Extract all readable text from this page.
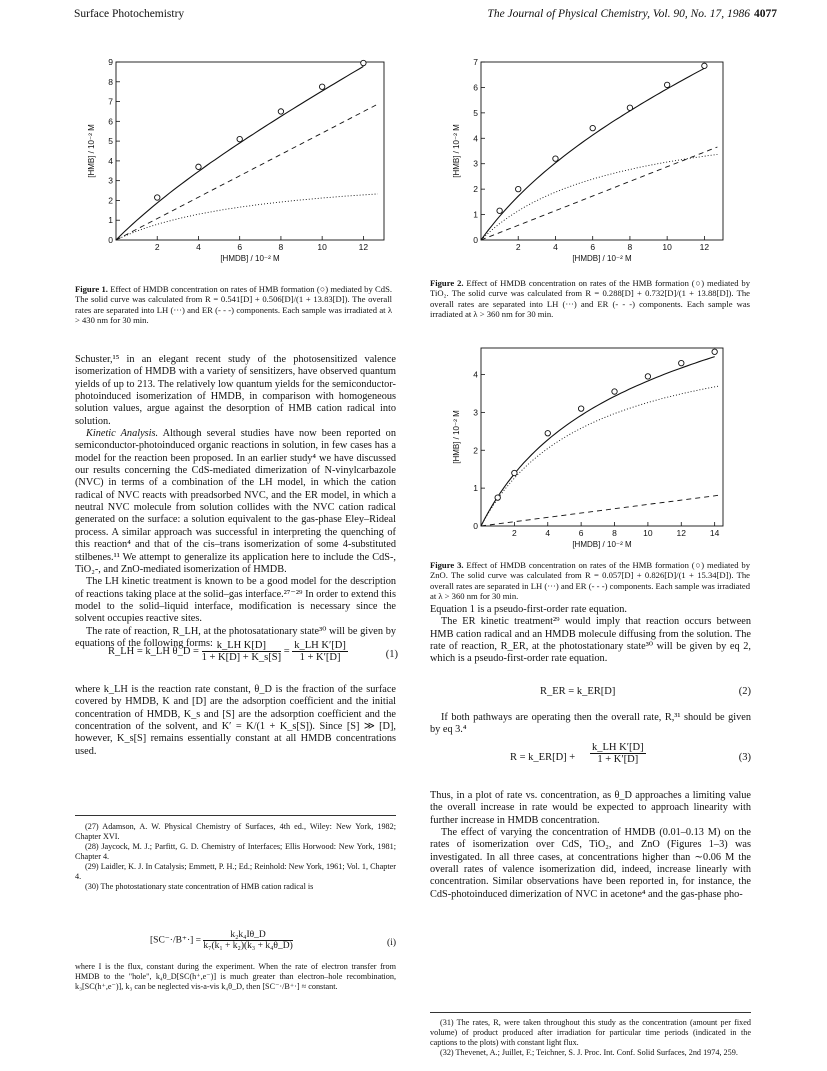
Surface Photochemistry	The Journal of Physical Chemistry, Vol. 90, No. 17, 1986 4077
2	4	6	8	10	12
1
2
3
4
5
6
7
8
9
0
[HMDB] / 10⁻² M
[HMB] / 10⁻² M
Figure 1. Effect of HMDB concentration on rates of HMB formation (○) mediated by CdS. The solid curve was calculated from R = 0.541[D] + 0.506[D]/(1 + 13.83[D]). The overall rates are separated into LH (···) and ER (- - -) components. Each sample was irradiated at λ > 430 nm for 30 min.
2	4	6	8	10	12
1
2
3
4
5
6
7
0
[HMDB] / 10⁻² M
[HMB] / 10⁻² M
Figure 2. Effect of HMDB concentration on rates of the HMB formation (○) mediated by TiO₂. The solid curve was calculated from R = 0.288[D] + 0.732[D]/(1 + 13.88[D]). The overall rates are separated into LH (···) and ER (- - -) components. Each sample was irradiated at λ > 360 nm for 30 min.
2	4	6	8	10	12	14
1
2
3
4
0
[HMDB] / 10⁻² M
[HMB] / 10⁻² M
Figure 3. Effect of HMDB concentration on rates of the HMB formation (○) mediated by ZnO. The solid curve was calculated from R = 0.057[D] + 0.826[D]/(1 + 15.34[D]). The overall rates are separated in LH (···) and ER (- - -) components. Each sample was irradiated at λ > 360 nm for 30 min.

Schuster,¹⁵ in an elegant recent study of the photosensitized valence isomerization of HMDB with a variety of sensitizers, have observed quantum yields of up to 213. The relatively low quantum yields for the semiconductor-photoinduced isomerization of HMDB, in comparison with homogeneous solution values, argue against the desorption of HMB cation radical into solution.

Kinetic Analysis. Although several studies have now been reported on semiconductor-photoinduced organic reactions in solution, in few cases has a model for the reaction been proposed. In an earlier study⁴ we have discussed our results concerning the CdS-mediated dimerization of N-vinylcarbazole (NVC) in terms of a combination of the LH model, in which the cation radical of NVC reacts with preadsorbed NVC, and the ER model, in which a neutral NVC molecule from solution collides with the NVC cation radical generated on the surface: a solution equivalent to the gas-phase Eley–Rideal process. A similar approach was successful in interpreting the quenching of this reaction⁴ and that of the cis–trans isomerization of some 4-substituted stilbenes.¹¹ We attempt to generalize its application here to include the CdS-, TiO₂-, and ZnO-mediated isomerization of HMDB.

The LH kinetic treatment is known to be a good model for the description of reactions taking place at the solid–gas interface.²⁷⁻²⁹ In order to extend this model to the solid–liquid interface, modification is necessary since the solvent occupies reactive sites.

The rate of reaction, R_LH, at the photosatationary state³⁰ will be given by equations of the following forms:

R_LH = k_LH θ_D = $\frac{\text{k\_LH K[D]}}{1 + K[D] + K\_s[S]} = \frac{\text{k\_LH K′[D]}}{1 + K'[D]}$	(1)

where k_LH is the reaction rate constant, θ_D is the fraction of the surface covered by HMDB, K and [D] are the adsorption coefficient and the initial concentration of HMDB, K_s and [S] are the adsorption coefficient and the concentration of the solvent, and K′ = K/(1 + K_s[S]). Since [S] ≫ [D], however, K_s[S] remains essentially constant at all HMDB concentrations used.

(27) Adamson, A. W. Physical Chemistry of Surfaces, 4th ed., Wiley: New York, 1982; Chapter XVI.

(28) Jaycock, M. J.; Parfitt, G. D. Chemistry of Interfaces; Ellis Horwood: New York, 1981; Chapter 4.

(29) Laidler, K. J. In Catalysis; Emmett, P. H.; Ed.; Reinhold: New York, 1961; Vol. 1, Chapter 4.

(30) The photostationary state concentration of HMB cation radical is

$[SC^-\cdot/B^+\cdot] = \frac{\text{k₂k₄Iθ\_D}}{\text{k₇(k₁ + k₂)(k₃ + k₄θ\_D)}}$	(i)

where I is the flux, constant during the experiment. When the rate of electron transfer from HMDB to the "hole", k₄θ_D[SC(h⁺,e⁻)] is much greater than electron–hole recombination, k₃[SC(h⁺,e⁻)], k₃ can be neglected vis-a-vis k₄θ_D, then [SC⁻·/B⁺·] ≈ constant.

Equation 1 is a pseudo-first-order rate equation.

The ER kinetic treatment²⁹ would imply that reaction occurs between HMB cation radical and an HMDB molecule diffusing from the solution. The rate of reaction, R_ER, at the photostationary state³⁰ will be given by eq 2, which is a pseudo-first-order rate equation.

R_ER = k_ER[D]	(2)

If both pathways are operating then the overall rate, R,³¹ should be given by eq 3.⁴

R = k_ER[D] + $\frac{\text{k\_LH K′[D]}}{1 + K'[D]}$	(3)

Thus, in a plot of rate vs. concentration, as θ_D approaches a limiting value the overall increase in rate would be expected to approach linearity with further increase in HMDB concentration.

The effect of varying the concentration of HMDB (0.01–0.13 M) on the rates of isomerization over CdS, TiO₂, and ZnO (Figures 1–3) was investigated. In all three cases, at concentrations higher than ∼0.06 M the overall rates of valence isomerization did, indeed, increase linearly with concentration. Similar observations have been reported in, for instance, the CdS-photoinduced dimerization of NVC in acetone⁴ and the gas-phase pho-

(31) The rates, R, were taken throughout this study as the concentration (amount per fixed volume) of product produced after irradiation for particular time periods (indicated in the captions to the plots) with constant light flux.

(32) Thevenet, A.; Juillet, F.; Teichner, S. J. Proc. Int. Conf. Solid Surfaces, 2nd 1974, 259.
